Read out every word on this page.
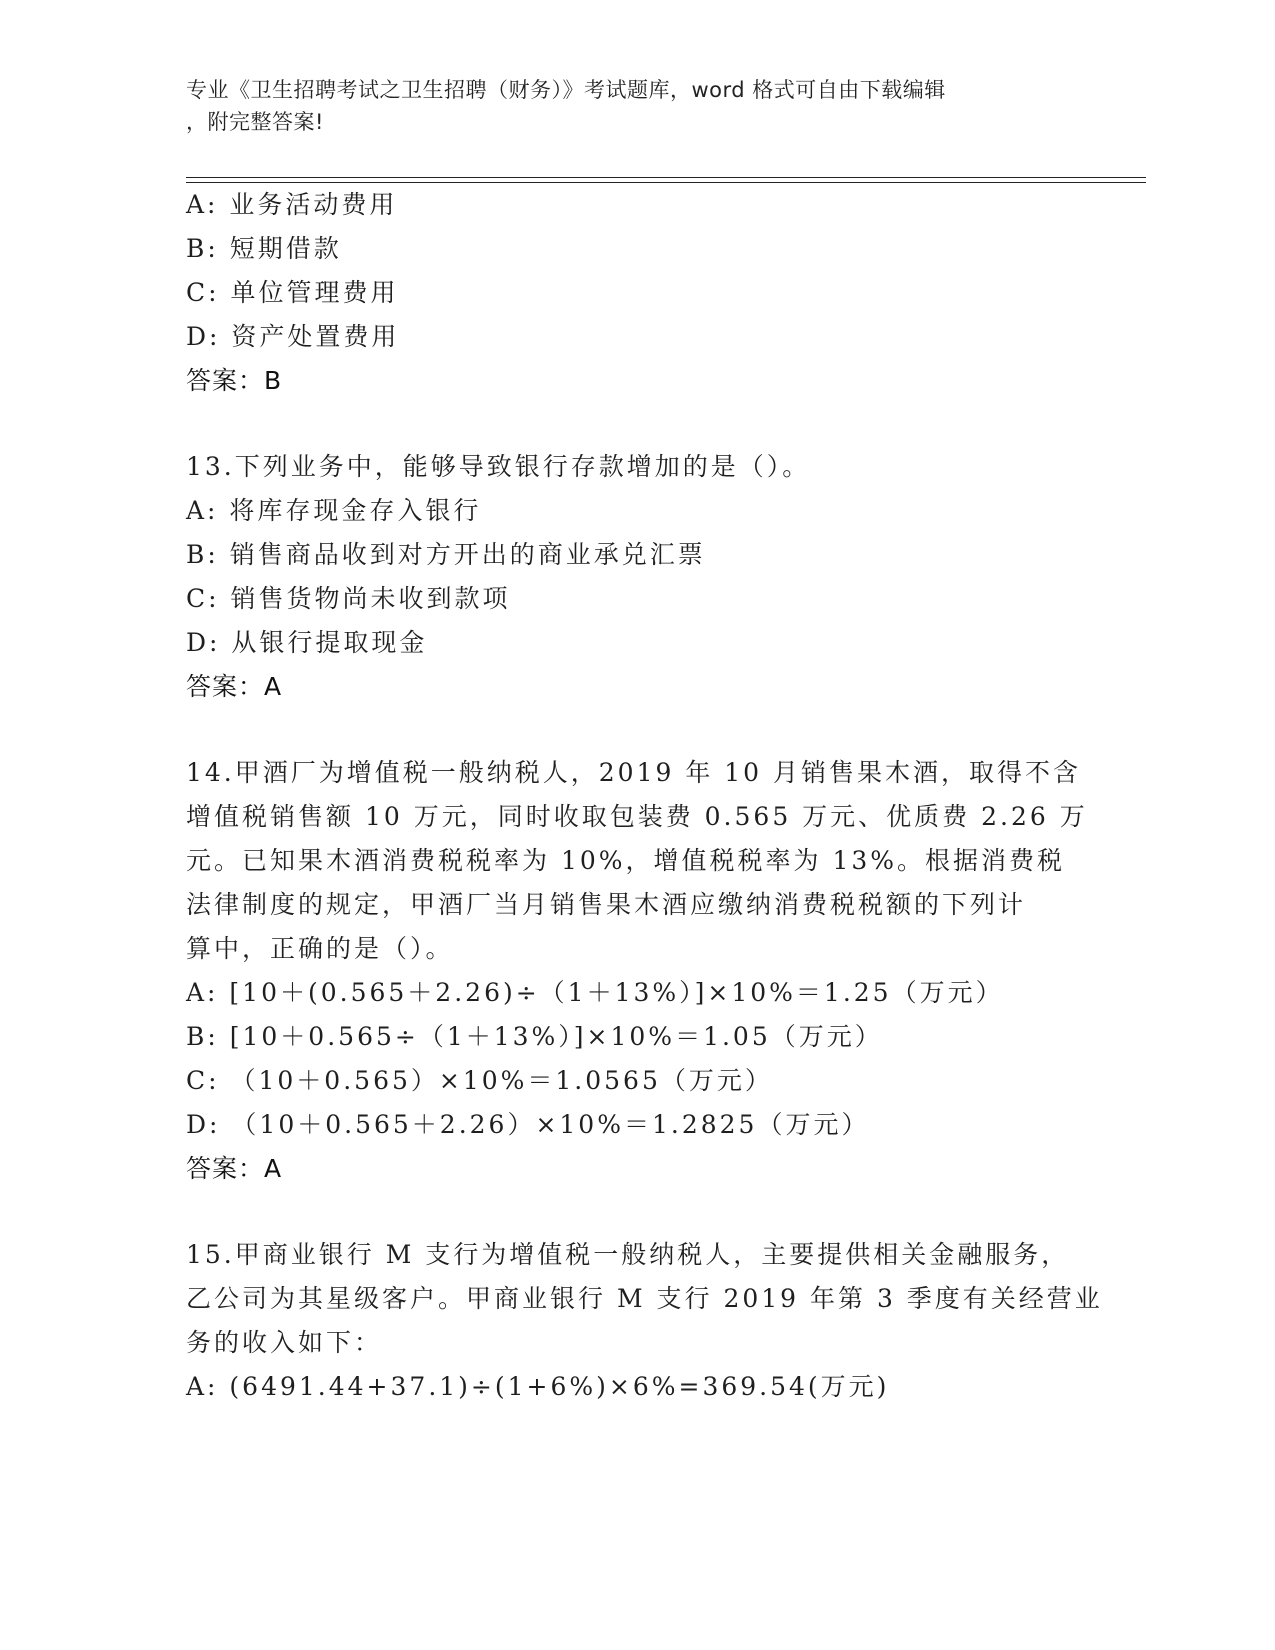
专业《卫生招聘考试之卫生招聘（财务）》考试题库，word 格式可自由下载编辑
，附完整答案!
A: 业务活动费用
B: 短期借款
C: 单位管理费用
D: 资产处置费用
答案：B
13.下列业务中，能够导致银行存款增加的是（）。
A: 将库存现金存入银行
B: 销售商品收到对方开出的商业承兑汇票
C: 销售货物尚未收到款项
D: 从银行提取现金
答案：A
14.甲酒厂为增值税一般纳税人，2019 年 10 月销售果木酒，取得不含
增值税销售额 10 万元，同时收取包装费 0.565 万元、优质费 2.26 万
元。已知果木酒消费税税率为 10%，增值税税率为 13%。根据消费税
法律制度的规定，甲酒厂当月销售果木酒应缴纳消费税税额的下列计
算中，正确的是（）。
A: [10＋(0.565＋2.26)÷（1＋13%）]×10%＝1.25（万元）
B: [10＋0.565÷（1＋13%）]×10%＝1.05（万元）
C: （10＋0.565）×10%＝1.0565（万元）
D: （10＋0.565＋2.26）×10%＝1.2825（万元）
答案：A
15.甲商业银行 M 支行为增值税一般纳税人，主要提供相关金融服务，
乙公司为其星级客户。甲商业银行 M 支行 2019 年第 3 季度有关经营业
务的收入如下：
A: (6491.44+37.1)÷(1+6%)×6%=369.54(万元)
